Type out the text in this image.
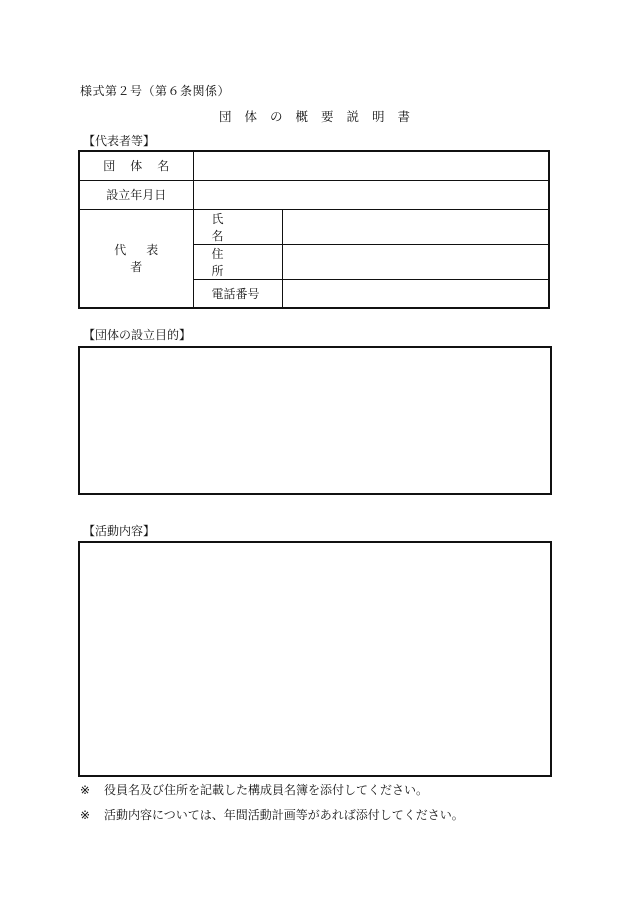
様式第２号（第６条関係）
団体の概要説明書
【代表者等】
団体名		
設立年月日		
代表者	氏名	
	住所	
	電話番号	
【団体の設立目的】
【活動内容】
※ 役員名及び住所を記載した構成員名簿を添付してください。
※ 活動内容については、年間活動計画等があれば添付してください。
